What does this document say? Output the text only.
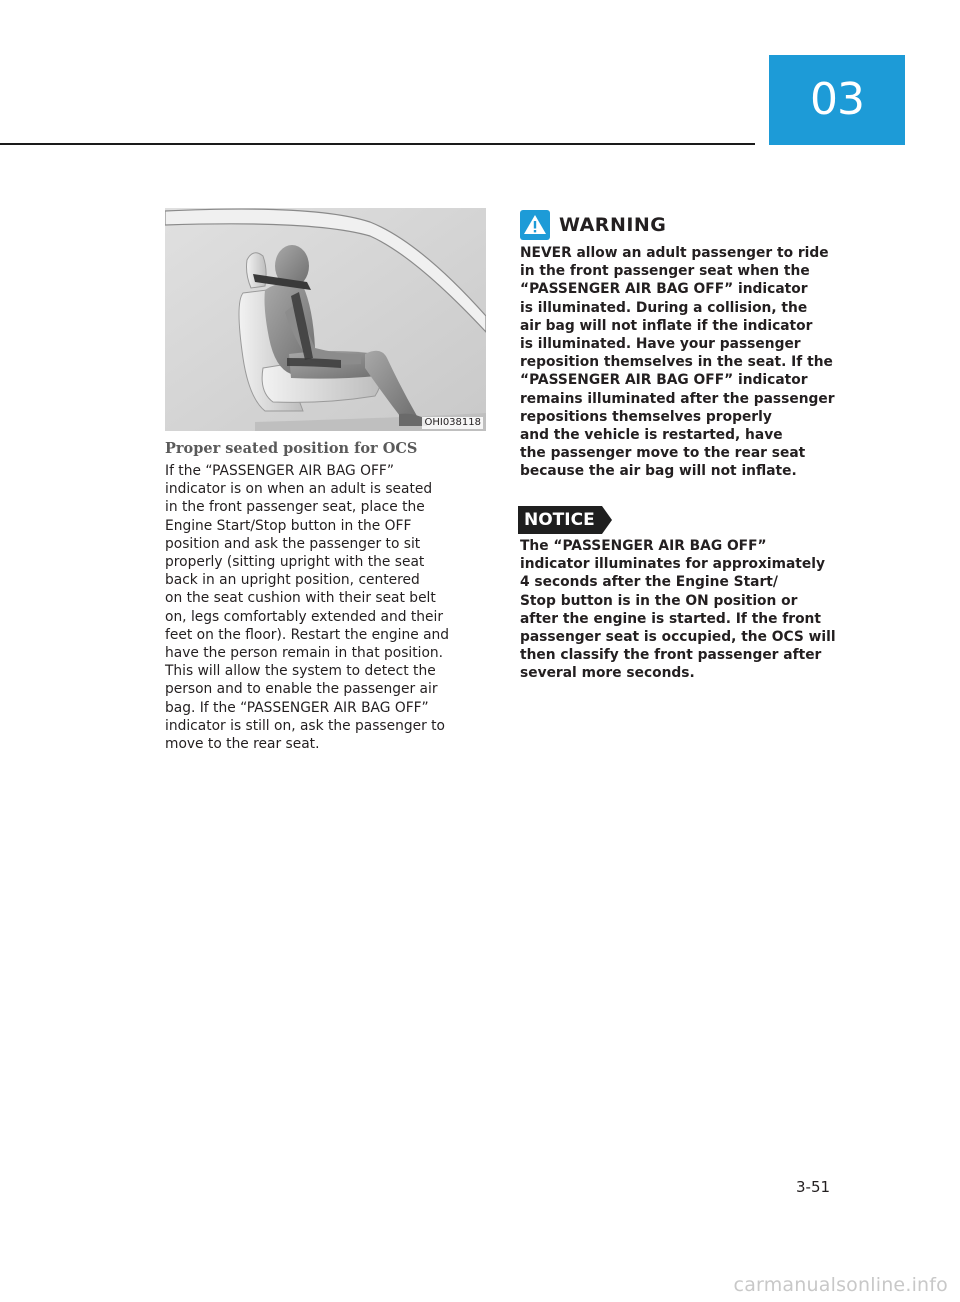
03
OHI038118
Proper seated position for OCS
If the “PASSENGER AIR BAG OFF”
indicator is on when an adult is seated
in the front passenger seat, place the
Engine Start/Stop button in the OFF
position and ask the passenger to sit
properly (sitting upright with the seat
back in an upright position, centered
on the seat cushion with their seat belt
on, legs comfortably extended and their
feet on the floor). Restart the engine and
have the person remain in that position.
This will allow the system to detect the
person and to enable the passenger air
bag. If the “PASSENGER AIR BAG OFF”
indicator is still on, ask the passenger to
move to the rear seat.
WARNING
NEVER allow an adult passenger to ride
in the front passenger seat when the
“PASSENGER AIR BAG OFF” indicator
is illuminated. During a collision, the
air bag will not inflate if the indicator
is illuminated. Have your passenger
reposition themselves in the seat. If the
“PASSENGER AIR BAG OFF” indicator
remains illuminated after the passenger
repositions themselves properly
and the vehicle is restarted, have
the passenger move to the rear seat
because the air bag will not inflate.
NOTICE
The “PASSENGER AIR BAG OFF”
indicator illuminates for approximately
4 seconds after the Engine Start/
Stop button is in the ON position or
after the engine is started. If the front
passenger seat is occupied, the OCS will
then classify the front passenger after
several more seconds.
3-51
carmanualsonline.info
